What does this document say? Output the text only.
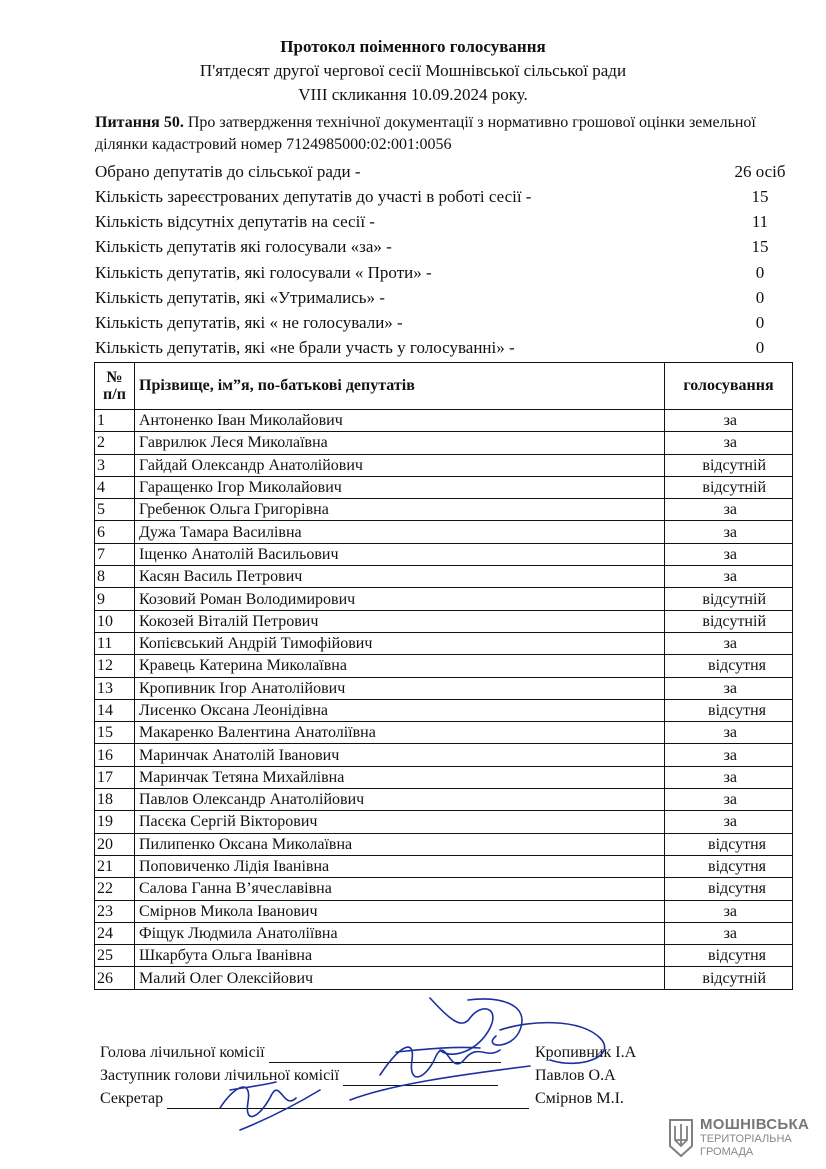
Протокол поіменного голосування
П'ятдесят другої чергової сесії Мошнівської сільської ради
VIII скликання 10.09.2024 року.
Питання 50. Про затвердження технічної документації з нормативно грошової оцінки земельної ділянки кадастровий номер 7124985000:02:001:0056
Обрано депутатів до сільської ради -	26 осіб
Кількість зареєстрованих депутатів до участі в роботі сесії -	15
Кількість відсутніх депутатів на сесії -	11
Кількість депутатів які голосували «за» -	15
Кількість депутатів, які голосували « Проти» -	0
Кількість депутатів, які «Утримались» -	0
Кількість депутатів, які « не голосували» -	0
Кількість депутатів, які «не брали участь у голосуванні» -	0
№
п/п	Прізвище, ім”я, по-батькові депутатів	голосування
1	Антоненко Іван Миколайович	за
2	Гаврилюк Леся Миколаївна	за
3	Гайдай Олександр Анатолійович	відсутній
4	Гаращенко Ігор Миколайович	відсутній
5	Гребенюк Ольга Григорівна	за
6	Дужа Тамара Василівна	за
7	Іщенко Анатолій Васильович	за
8	Касян Василь Петрович	за
9	Козовий Роман Володимирович	відсутній
10	Кокозей Віталій Петрович	відсутній
11	Копієвський Андрій Тимофійович	за
12	Кравець Катерина Миколаївна	відсутня
13	Кропивник Ігор Анатолійович	за
14	Лисенко Оксана Леонідівна	відсутня
15	Макаренко Валентина Анатоліївна	за
16	Маринчак Анатолій Іванович	за
17	Маринчак Тетяна Михайлівна	за
18	Павлов Олександр Анатолійович	за
19	Пасєка Сергій Вікторович	за
20	Пилипенко Оксана Миколаївна	відсутня
21	Поповиченко Лідія Іванівна	відсутня
22	Салова Ганна В’ячеславівна	відсутня
23	Смірнов Микола Іванович	за
24	Фіщук Людмила Анатоліївна	за
25	Шкарбута Ольга Іванівна	відсутня
26	Малий Олег Олексійович	відсутній
Голова лічильної комісії	Кропивник І.А
Заступник голови лічильної комісії	Павлов О.А
Секретар	Смірнов М.І.
МОШНІВСЬКА
ТЕРИТОРІАЛЬНА
ГРОМАДА
